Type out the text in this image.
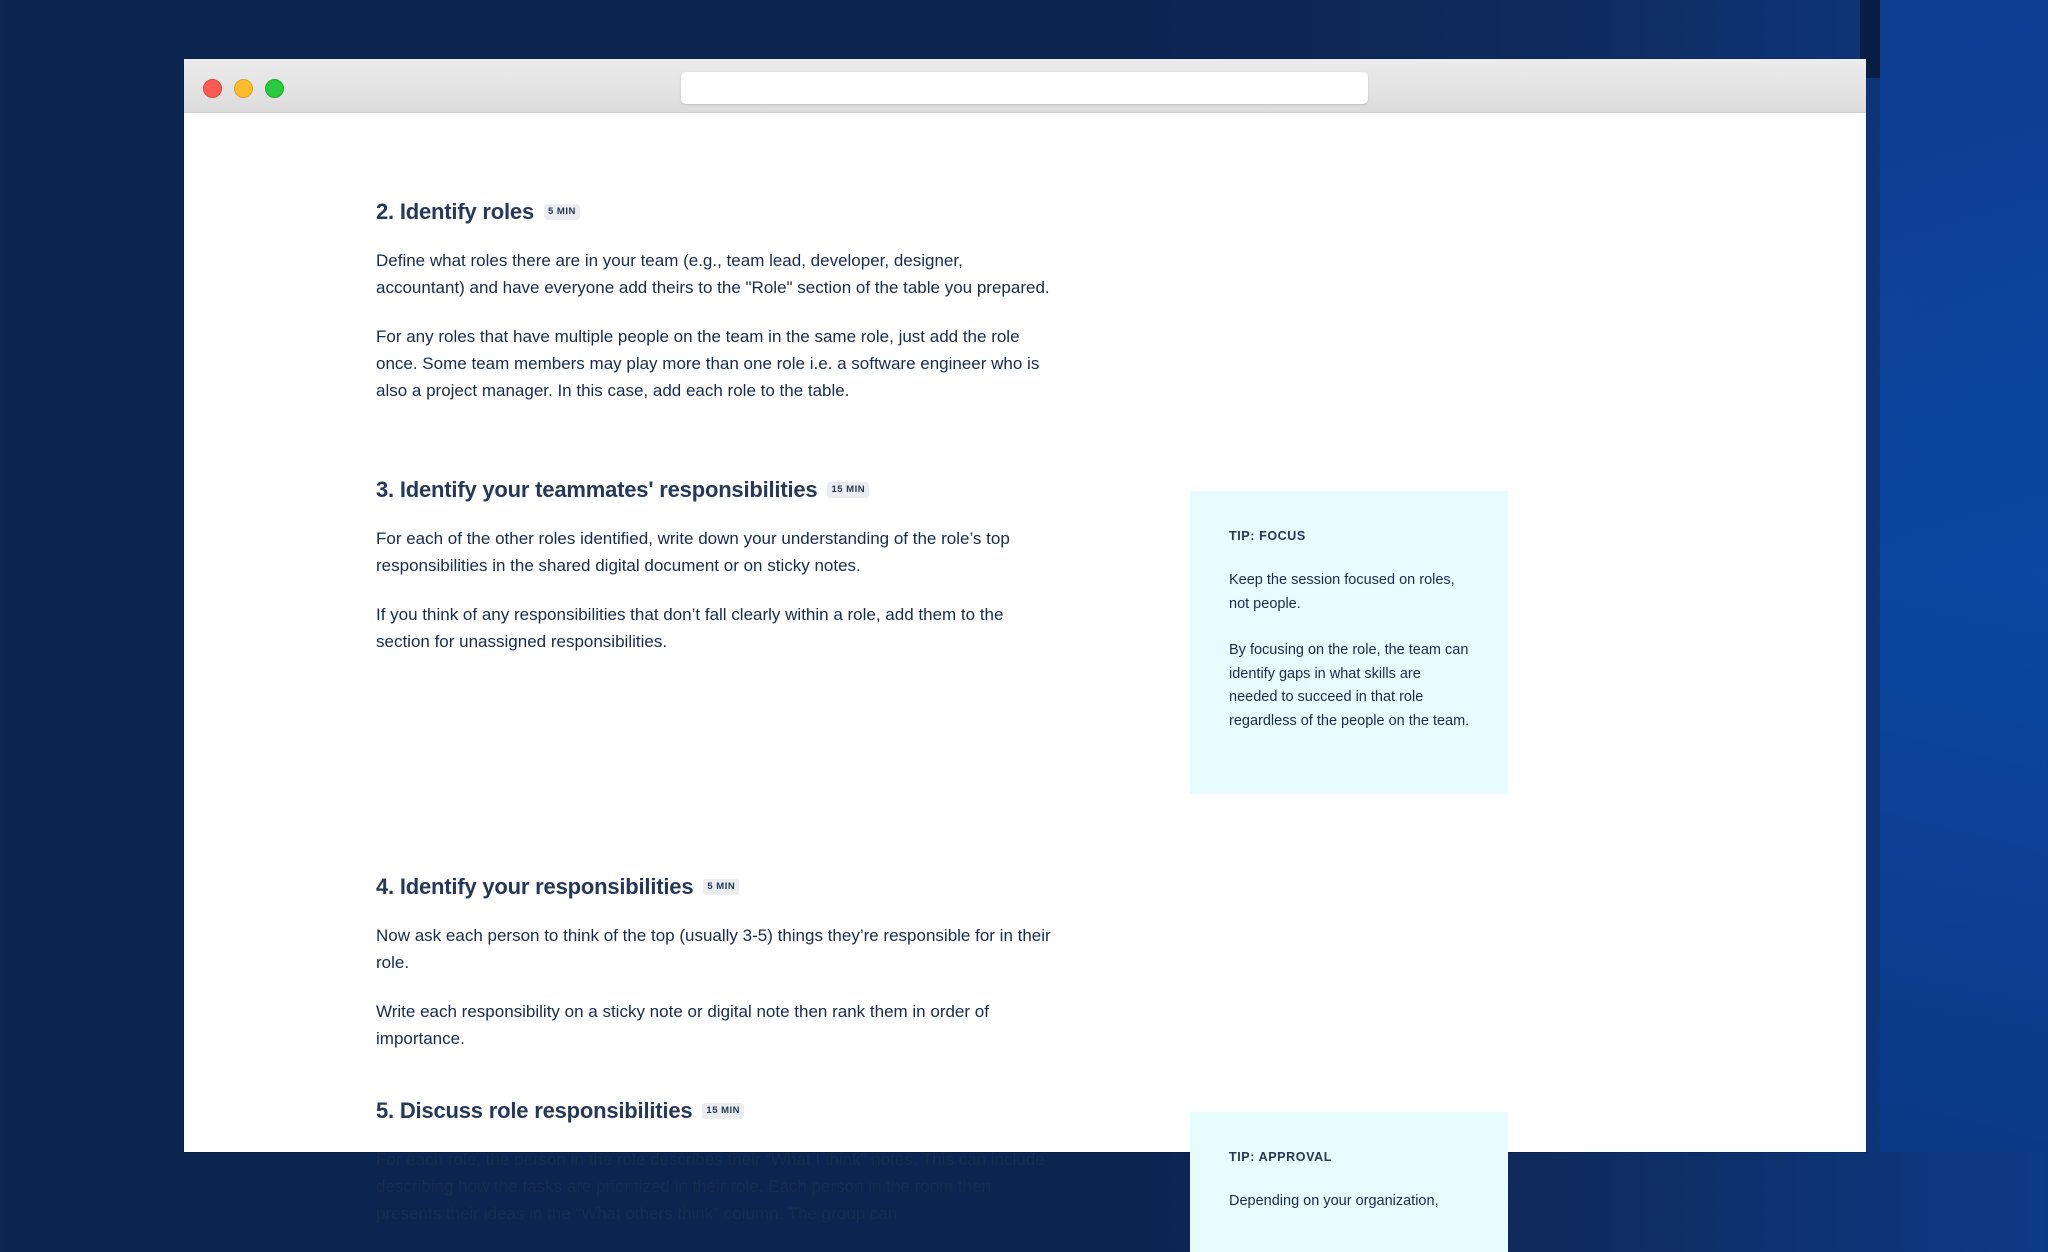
2. Identify roles	5 MIN

Define what roles there are in your team (e.g., team lead, developer, designer, accountant) and have everyone add theirs to the "Role" section of the table you prepared.

For any roles that have multiple people on the team in the same role, just add the role once. Some team members may play more than one role i.e. a software engineer who is also a project manager. In this case, add each role to the table.

3. Identify your teammates' responsibilities	15 MIN

For each of the other roles identified, write down your understanding of the role’s top responsibilities in the shared digital document or on sticky notes.

If you think of any responsibilities that don’t fall clearly within a role, add them to the section for unassigned responsibilities.

TIP: FOCUS

Keep the session focused on roles, not people.

By focusing on the role, the team can identify gaps in what skills are needed to succeed in that role regardless of the people on the team.

4. Identify your responsibilities	5 MIN

Now ask each person to think of the top (usually 3-5) things they’re responsible for in their role.

Write each responsibility on a sticky note or digital note then rank them in order of importance.

5. Discuss role responsibilities	15 MIN

For each role, the person in the role describes their “What I think” notes. This can include describing how the tasks are prioritized in their role. Each person in the room then presents their ideas in the “What others think” column. The group can

TIP: APPROVAL

Depending on your organization,
